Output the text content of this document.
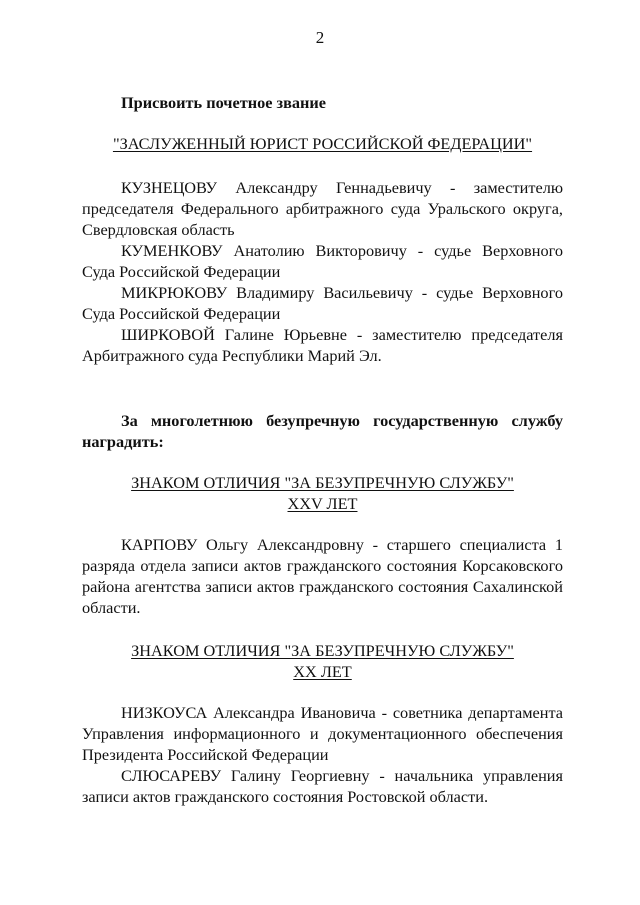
2

Присвоить почетное звание

"ЗАСЛУЖЕННЫЙ ЮРИСТ РОССИЙСКОЙ ФЕДЕРАЦИИ"

КУЗНЕЦОВУ Александру Геннадьевичу - заместителю председателя Федерального арбитражного суда Уральского округа, Свердловская область

КУМЕНКОВУ Анатолию Викторовичу - судье Верховного Суда Российской Федерации

МИКРЮКОВУ Владимиру Васильевичу - судье Верховного Суда Российской Федерации

ШИРКОВОЙ Галине Юрьевне - заместителю председателя Арбитражного суда Республики Марий Эл.

За многолетнюю безупречную государственную службу наградить:

ЗНАКОМ ОТЛИЧИЯ "ЗА БЕЗУПРЕЧНУЮ СЛУЖБУ"
XXV ЛЕТ

КАРПОВУ Ольгу Александровну - старшего специалиста 1 разряда отдела записи актов гражданского состояния Корсаковского района агентства записи актов гражданского состояния Сахалинской области.

ЗНАКОМ ОТЛИЧИЯ "ЗА БЕЗУПРЕЧНУЮ СЛУЖБУ"
XX ЛЕТ

НИЗКОУСА Александра Ивановича - советника департамента Управления информационного и документационного обеспечения Президента Российской Федерации

СЛЮСАРЕВУ Галину Георгиевну - начальника управления записи актов гражданского состояния Ростовской области.
